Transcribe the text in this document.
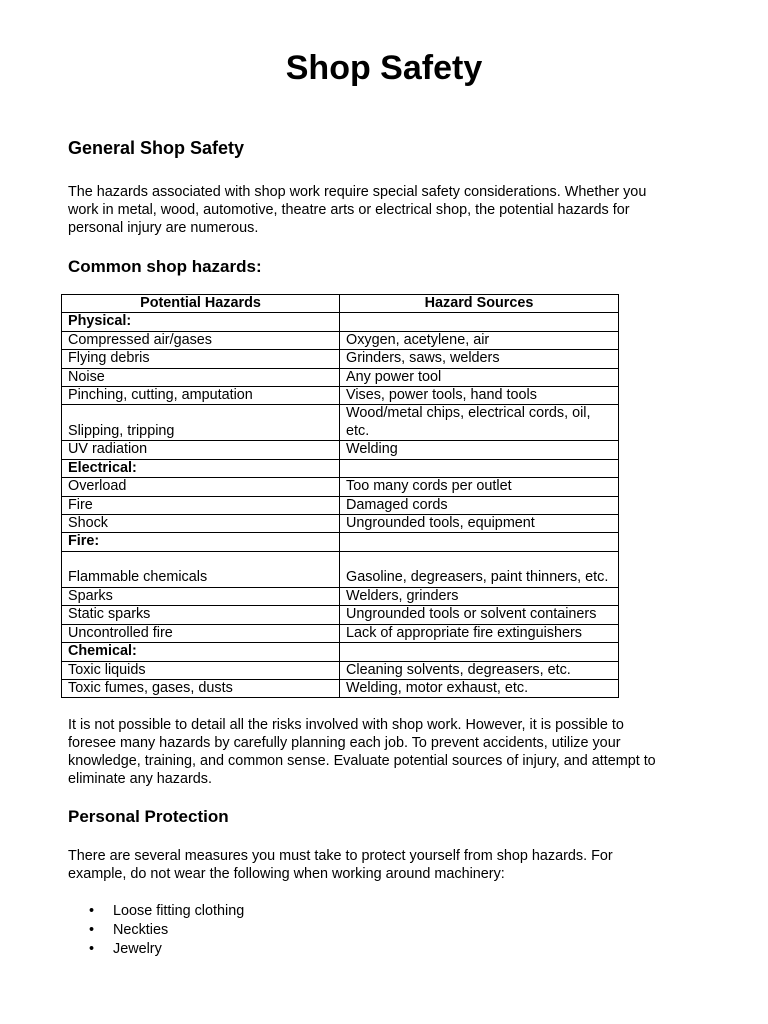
Shop Safety
General Shop Safety
The hazards associated with shop work require special safety considerations. Whether you
work in metal, wood, automotive, theatre arts or electrical shop, the potential hazards for
personal injury are numerous.
Common shop hazards:
Potential Hazards	Hazard Sources
Physical:	
Compressed air/gases	Oxygen, acetylene, air
Flying debris	Grinders, saws, welders
Noise	Any power tool
Pinching, cutting, amputation	Vises, power tools, hand tools
Slipping, tripping	Wood/metal chips, electrical cords, oil, etc.
UV radiation	Welding
Electrical:	
Overload	Too many cords per outlet
Fire	Damaged cords
Shock	Ungrounded tools, equipment
Fire:	
Flammable chemicals	Gasoline, degreasers, paint thinners, etc.
Sparks	Welders, grinders
Static sparks	Ungrounded tools or solvent containers
Uncontrolled fire	Lack of appropriate fire extinguishers
Chemical:	
Toxic liquids	Cleaning solvents, degreasers, etc.
Toxic fumes, gases, dusts	Welding, motor exhaust, etc.
It is not possible to detail all the risks involved with shop work. However, it is possible to
foresee many hazards by carefully planning each job. To prevent accidents, utilize your
knowledge, training, and common sense. Evaluate potential sources of injury, and attempt to
eliminate any hazards.
Personal Protection
There are several measures you must take to protect yourself from shop hazards. For
example, do not wear the following when working around machinery:
• Loose fitting clothing
• Neckties
• Jewelry
